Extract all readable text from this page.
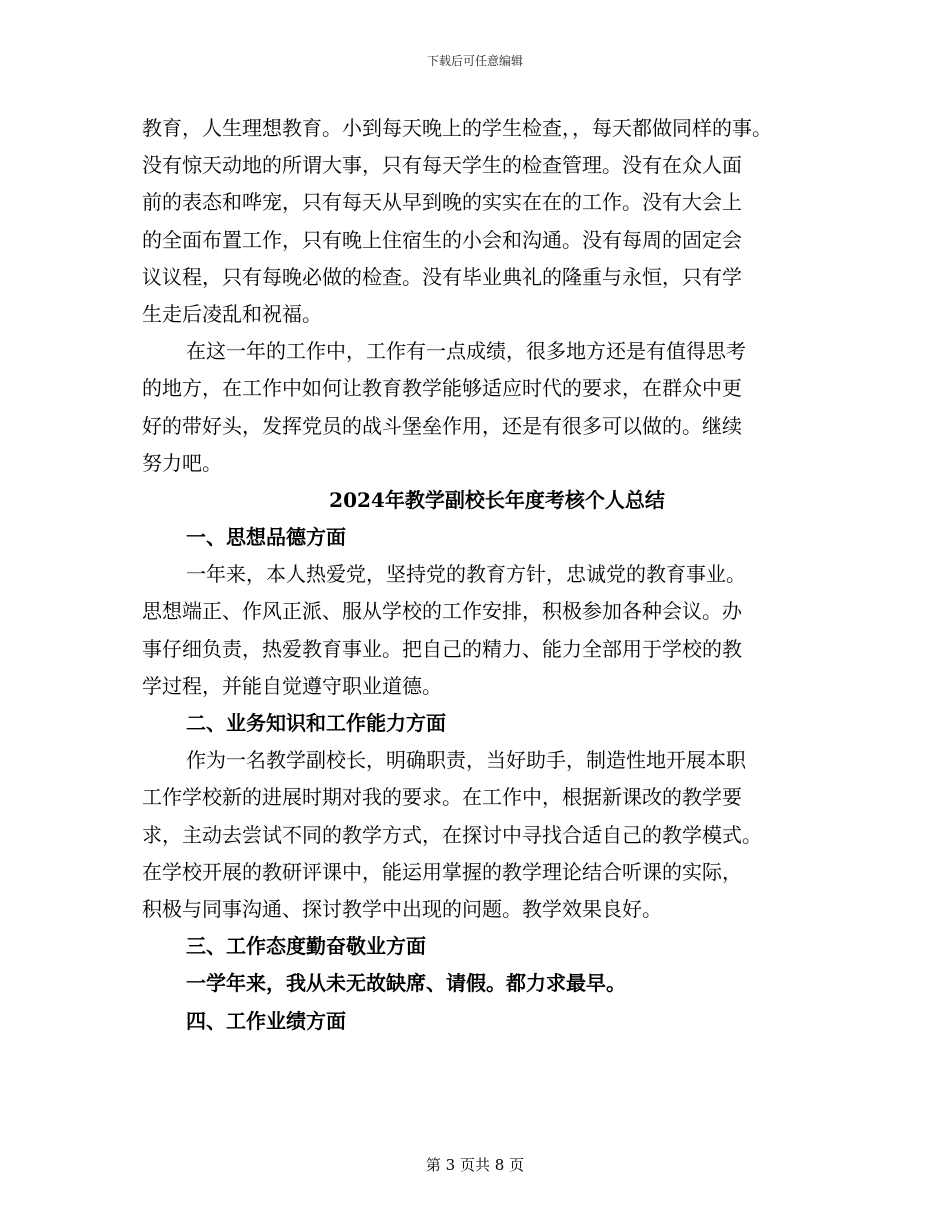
下载后可任意编辑
教育，人生理想教育。小到每天晚上的学生检查，，每天都做同样的事。
没有惊天动地的所谓大事，只有每天学生的检查管理。没有在众人面
前的表态和哗宠，只有每天从早到晚的实实在在的工作。没有大会上
的全面布置工作，只有晚上住宿生的小会和沟通。没有每周的固定会
议议程，只有每晚必做的检查。没有毕业典礼的隆重与永恒，只有学
生走后凌乱和祝福。
在这一年的工作中，工作有一点成绩，很多地方还是有值得思考
的地方，在工作中如何让教育教学能够适应时代的要求，在群众中更
好的带好头，发挥党员的战斗堡垒作用，还是有很多可以做的。继续
努力吧。
2024年教学副校长年度考核个人总结
一、思想品德方面
一年来，本人热爱党，坚持党的教育方针，忠诚党的教育事业。
思想端正、作风正派、服从学校的工作安排，积极参加各种会议。办
事仔细负责，热爱教育事业。把自己的精力、能力全部用于学校的教
学过程，并能自觉遵守职业道德。
二、业务知识和工作能力方面
作为一名教学副校长，明确职责，当好助手，制造性地开展本职
工作学校新的进展时期对我的要求。在工作中，根据新课改的教学要
求，主动去尝试不同的教学方式，在探讨中寻找合适自己的教学模式。
在学校开展的教研评课中，能运用掌握的教学理论结合听课的实际，
积极与同事沟通、探讨教学中出现的问题。教学效果良好。
三、工作态度勤奋敬业方面
一学年来，我从未无故缺席、请假。都力求最早。
四、工作业绩方面
第 3 页共 8 页
